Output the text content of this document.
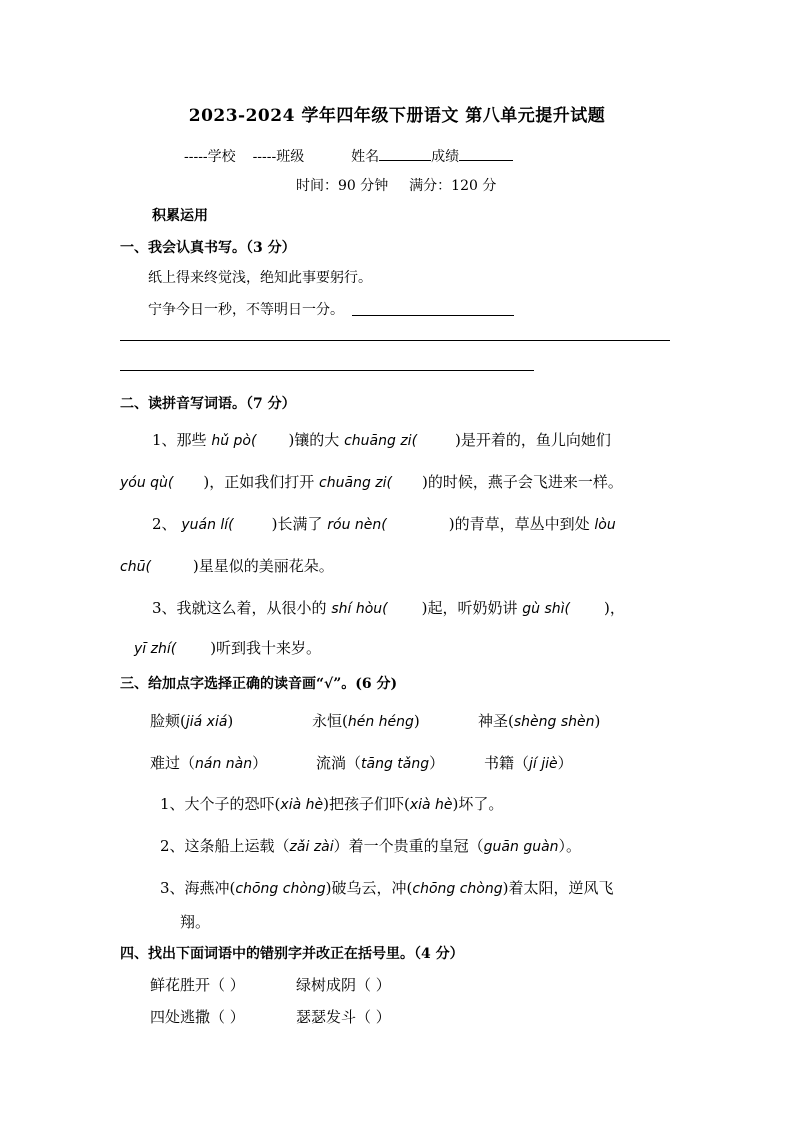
2023-2024 学年四年级下册语文 第八单元提升试题
-----学校 -----班级	姓名	成绩
时间：90 分钟 满分：120 分
积累运用
一、我会认真书写。（3 分）
纸上得来终觉浅，绝知此事要躬行。
宁争今日一秒，不等明日一分。
二、读拼音写词语。（7 分）
1、那些 hǔ pò( )镶的大 chuāng zi(	)是开着的，鱼儿向她们
yóu qù( )，正如我们打开 chuāng zi( )的时候，燕子会飞进来一样。
2、 yuán lí(	)长满了 róu nèn(	)的青草，草丛中到处 lòu
chū(	)星星似的美丽花朵。
3、我就这么着，从很小的 shí hòu( )起，听奶奶讲 gù shì( )，
yī zhí( )听到我十来岁。
三、给加点字选择正确的读音画“√”。(6 分)
脸颊(jiá xiá)	永恒(hén héng)	神圣(shèng shèn)
难过（nán nàn）	流淌（tāng tǎng）	书籍（jí jiè）
1、大个子的恐吓(xià hè)把孩子们吓(xià hè)坏了。
2、这条船上运载（zǎi zài）着一个贵重的皇冠（guān guàn）。
3、海燕冲(chōng chòng)破乌云，冲(chōng chòng)着太阳，逆风飞
翔。
四、找出下面词语中的错别字并改正在括号里。（4 分）
鲜花胜开（ ）	绿树成阴（ ）
四处逃撒（ ）	瑟瑟发斗（ ）
